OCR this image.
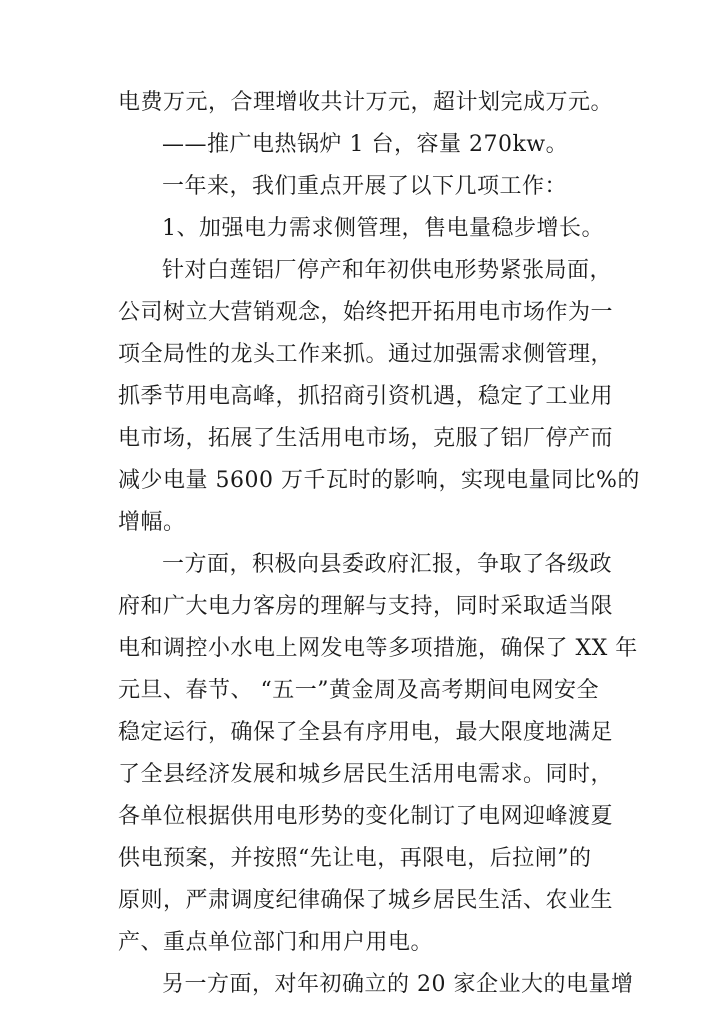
电费万元，合理增收共计万元，超计划完成万元。
——推广电热锅炉 1 台，容量 270kw。
一年来，我们重点开展了以下几项工作：
1、加强电力需求侧管理，售电量稳步增长。
针对白莲铝厂停产和年初供电形势紧张局面，
公司树立大营销观念，始终把开拓用电市场作为一
项全局性的龙头工作来抓。通过加强需求侧管理，
抓季节用电高峰，抓招商引资机遇，稳定了工业用
电市场，拓展了生活用电市场，克服了铝厂停产而
减少电量 5600 万千瓦时的影响，实现电量同比%的
增幅。
一方面，积极向县委政府汇报，争取了各级政
府和广大电力客房的理解与支持，同时采取适当限
电和调控小水电上网发电等多项措施，确保了 XX 年
元旦、春节、 “五一”黄金周及高考期间电网安全
稳定运行，确保了全县有序用电，最大限度地满足
了全县经济发展和城乡居民生活用电需求。同时，
各单位根据供用电形势的变化制订了电网迎峰渡夏
供电预案，并按照“先让电，再限电，后拉闸”的
原则，严肃调度纪律确保了城乡居民生活、农业生
产、重点单位部门和用户用电。
另一方面，对年初确立的 20 家企业大的电量增
